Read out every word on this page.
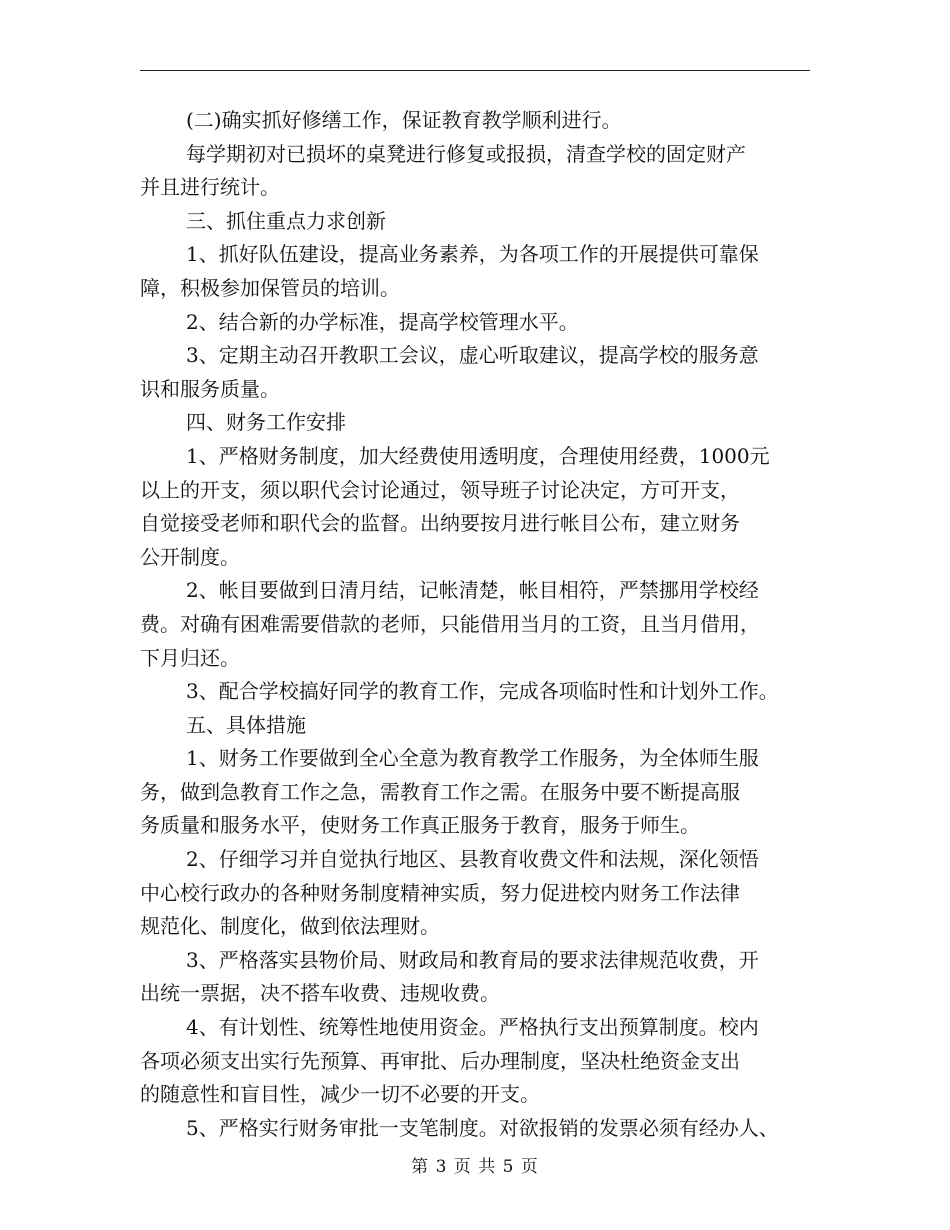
(二)确实抓好修缮工作，保证教育教学顺利进行。

每学期初对已损坏的桌凳进行修复或报损，清查学校的固定财产

并且进行统计。

三、抓住重点力求创新

1、抓好队伍建设，提高业务素养，为各项工作的开展提供可靠保

障，积极参加保管员的培训。

2、结合新的办学标准，提高学校管理水平。

3、定期主动召开教职工会议，虚心听取建议，提高学校的服务意

识和服务质量。

四、财务工作安排

1、严格财务制度，加大经费使用透明度，合理使用经费，1000元

以上的开支，须以职代会讨论通过，领导班子讨论决定，方可开支，

自觉接受老师和职代会的监督。出纳要按月进行帐目公布，建立财务

公开制度。

2、帐目要做到日清月结，记帐清楚，帐目相符，严禁挪用学校经

费。对确有困难需要借款的老师，只能借用当月的工资，且当月借用，

下月归还。

3、配合学校搞好同学的教育工作，完成各项临时性和计划外工作。

五、具体措施

1、财务工作要做到全心全意为教育教学工作服务，为全体师生服

务，做到急教育工作之急，需教育工作之需。在服务中要不断提高服

务质量和服务水平，使财务工作真正服务于教育，服务于师生。

2、仔细学习并自觉执行地区、县教育收费文件和法规，深化领悟

中心校行政办的各种财务制度精神实质，努力促进校内财务工作法律

规范化、制度化，做到依法理财。

3、严格落实县物价局、财政局和教育局的要求法律规范收费，开

出统一票据，决不搭车收费、违规收费。

4、有计划性、统筹性地使用资金。严格执行支出预算制度。校内

各项必须支出实行先预算、再审批、后办理制度，坚决杜绝资金支出

的随意性和盲目性，减少一切不必要的开支。

5、严格实行财务审批一支笔制度。对欲报销的发票必须有经办人、

第 3 页 共 5 页
